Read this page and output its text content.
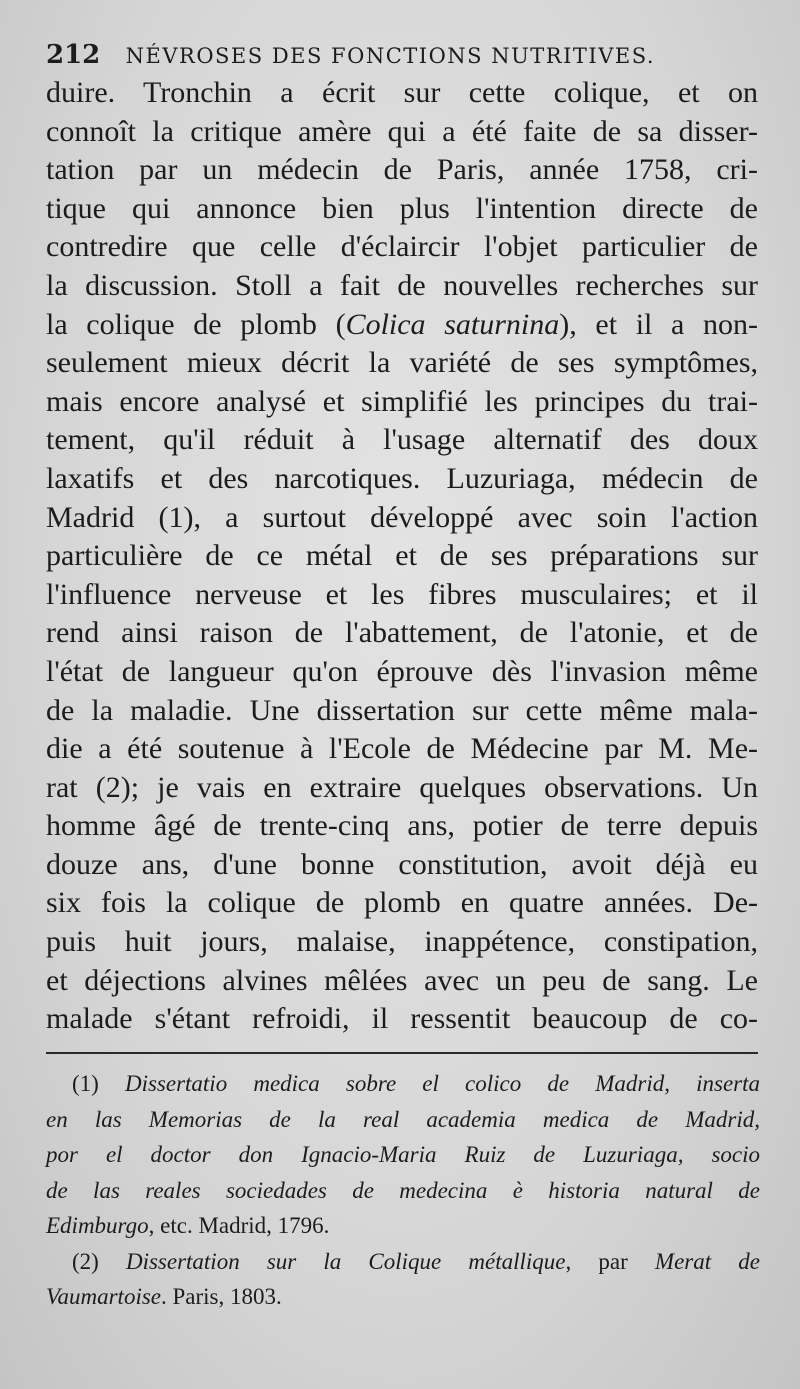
212 NÉVROSES DES FONCTIONS NUTRITIVES.
duire. Tronchin a écrit sur cette colique, et on
connoît la critique amère qui a été faite de sa disser-
tation par un médecin de Paris, année 1758, cri-
tique qui annonce bien plus l'intention directe de
contredire que celle d'éclaircir l'objet particulier de
la discussion. Stoll a fait de nouvelles recherches sur
la colique de plomb (Colica saturnina), et il a non-
seulement mieux décrit la variété de ses symptômes,
mais encore analysé et simplifié les principes du trai-
tement, qu'il réduit à l'usage alternatif des doux
laxatifs et des narcotiques. Luzuriaga, médecin de
Madrid (1), a surtout développé avec soin l'action
particulière de ce métal et de ses préparations sur
l'influence nerveuse et les fibres musculaires; et il
rend ainsi raison de l'abattement, de l'atonie, et de
l'état de langueur qu'on éprouve dès l'invasion même
de la maladie. Une dissertation sur cette même mala-
die a été soutenue à l'Ecole de Médecine par M. Me-
rat (2); je vais en extraire quelques observations. Un
homme âgé de trente-cinq ans, potier de terre depuis
douze ans, d'une bonne constitution, avoit déjà eu
six fois la colique de plomb en quatre années. De-
puis huit jours, malaise, inappétence, constipation,
et déjections alvines mêlées avec un peu de sang. Le
malade s'étant refroidi, il ressentit beaucoup de co-
(1) Dissertatio medica sobre el colico de Madrid, inserta
en las Memorias de la real academia medica de Madrid,
por el doctor don Ignacio-Maria Ruiz de Luzuriaga, socio
de las reales sociedades de medecina è historia natural de
Edimburgo, etc. Madrid, 1796.
(2) Dissertation sur la Colique métallique, par Merat de
Vaumartoise. Paris, 1803.
